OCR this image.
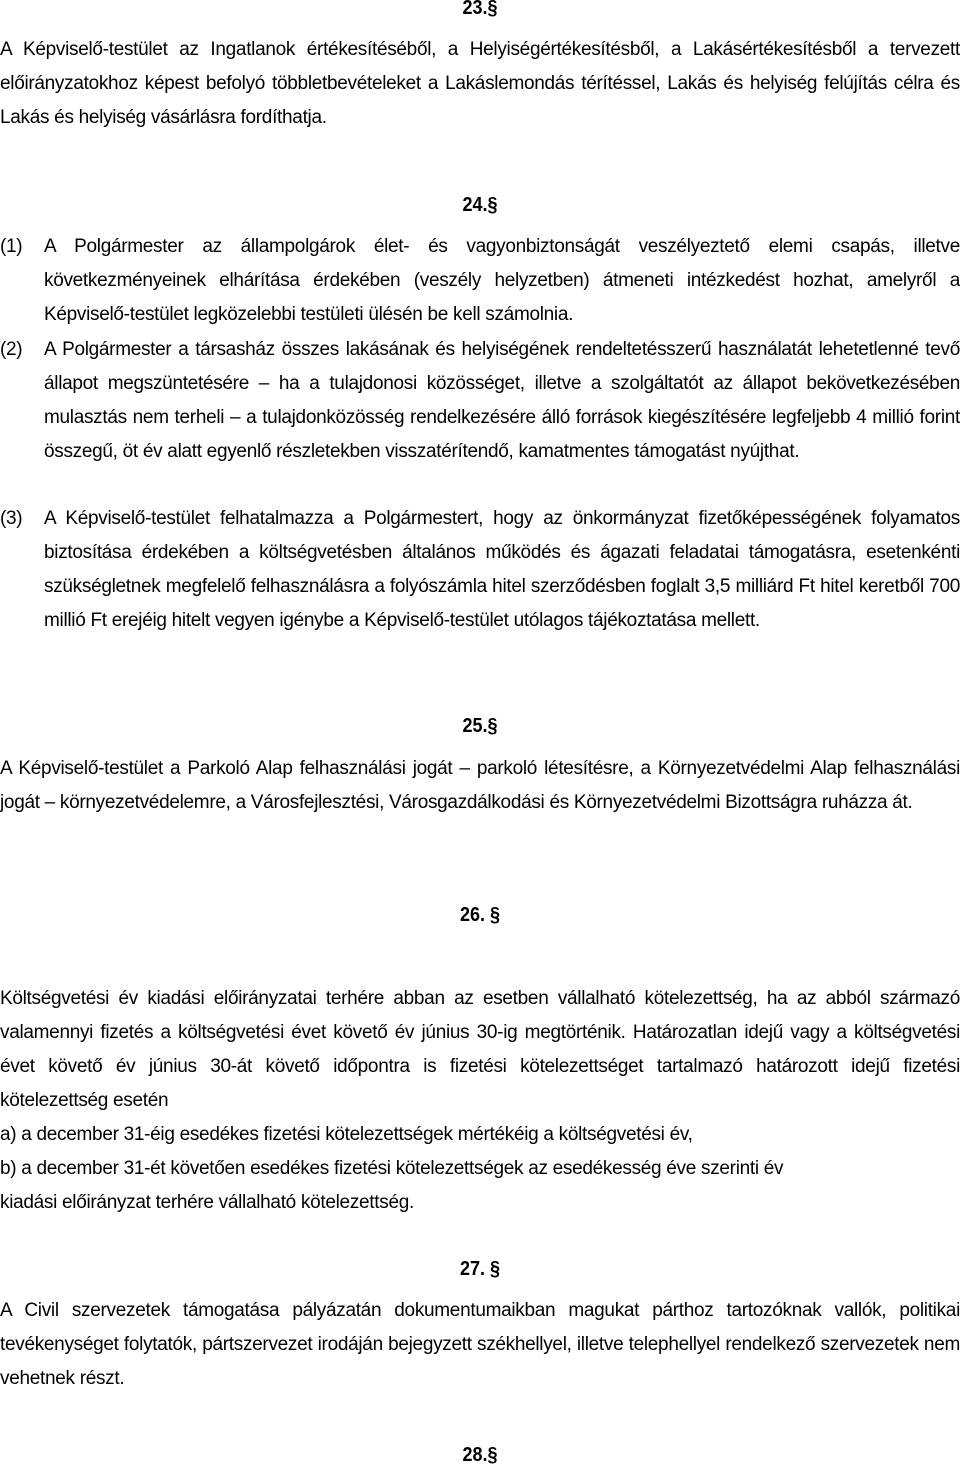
23.§
A Képviselő-testület az Ingatlanok értékesítéséből, a Helyiségértékesítésből, a Lakásértékesítésből a tervezett előirányzatokhoz képest befolyó többletbevételeket a Lakáslemondás térítéssel, Lakás és helyiség felújítás célra és Lakás és helyiség vásárlásra fordíthatja.
24.§
(1)	A Polgármester az állampolgárok élet- és vagyonbiztonságát veszélyeztető elemi csapás, illetve következményeinek elhárítása érdekében (veszély helyzetben) átmeneti intézkedést hozhat, amelyről a Képviselő-testület legközelebbi testületi ülésén be kell számolnia.
(2)	A Polgármester a társasház összes lakásának és helyiségének rendeltetésszerű használatát lehetetlenné tevő állapot megszüntetésére – ha a tulajdonosi közösséget, illetve a szolgáltatót az állapot bekövetkezésében mulasztás nem terheli – a tulajdonközösség rendelkezésére álló források kiegészítésére legfeljebb 4 millió forint összegű, öt év alatt egyenlő részletekben visszatérítendő, kamatmentes támogatást nyújthat.
(3)	A Képviselő-testület felhatalmazza a Polgármestert, hogy az önkormányzat fizetőképességének folyamatos biztosítása érdekében a költségvetésben általános működés és ágazati feladatai támogatásra, esetenkénti szükségletnek megfelelő felhasználásra a folyószámla hitel szerződésben foglalt 3,5 milliárd Ft hitel keretből 700 millió Ft erejéig hitelt vegyen igénybe a Képviselő-testület utólagos tájékoztatása mellett.
25.§
A Képviselő-testület a Parkoló Alap felhasználási jogát – parkoló létesítésre, a Környezetvédelmi Alap felhasználási jogát – környezetvédelemre, a Városfejlesztési, Városgazdálkodási és Környezetvédelmi Bizottságra ruházza át.
26. §
Költségvetési év kiadási előirányzatai terhére abban az esetben vállalható kötelezettség, ha az abból származó valamennyi fizetés a költségvetési évet követő év június 30-ig megtörténik. Határozatlan idejű vagy a költségvetési évet követő év június 30-át követő időpontra is fizetési kötelezettséget tartalmazó határozott idejű fizetési kötelezettség esetén
a) a december 31-éig esedékes fizetési kötelezettségek mértékéig a költségvetési év,
b) a december 31-ét követően esedékes fizetési kötelezettségek az esedékesség éve szerinti év
kiadási előirányzat terhére vállalható kötelezettség.
27. §
A Civil szervezetek támogatása pályázatán dokumentumaikban magukat párthoz tartozóknak vallók, politikai tevékenységet folytatók, pártszervezet irodáján bejegyzett székhellyel, illetve telephellyel rendelkező szervezetek nem vehetnek részt.
28.§
